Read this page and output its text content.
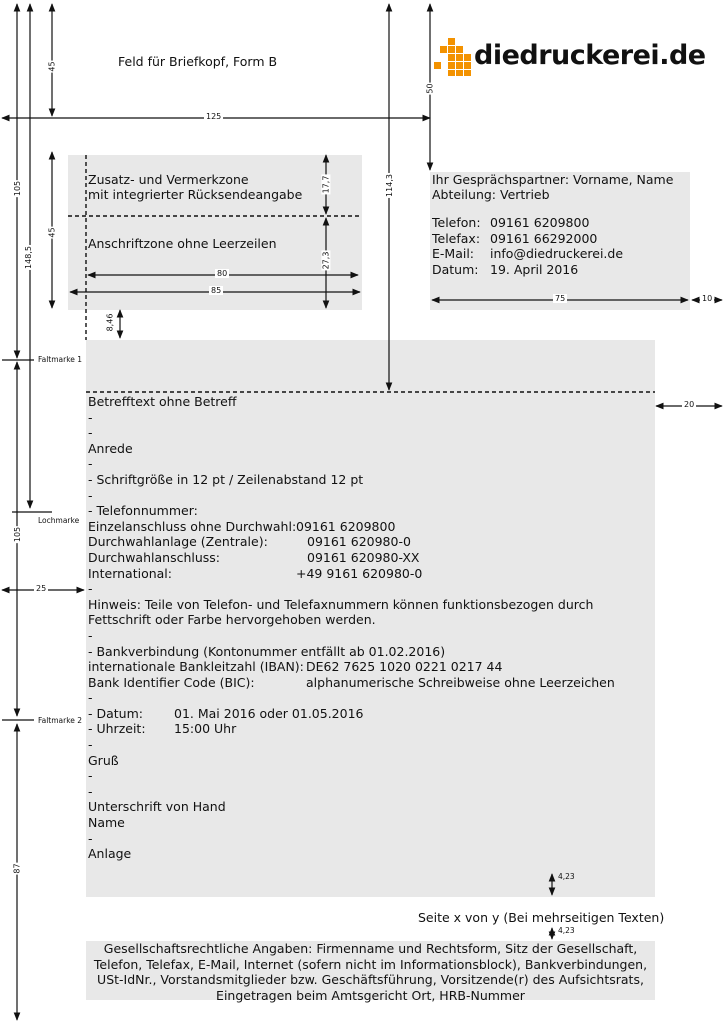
45
50
125
105
148,5
45
17,7
27,3
114,3
80
85
75	10
8,46
20
105
25
87
4,23
4,23
Faltmarke 1
Lochmarke
Faltmarke 2
Feld für Briefkopf, Form B	diedruckerei.de
Zusatz- und Vermerkzone
mit integrierter Rücksendeangabe
Anschriftzone ohne Leerzeilen
Ihr Gesprächspartner: Vorname, Name
Abteilung: Vertrieb
Telefon: 09161 6209800
Telefax: 09161 66292000
E-Mail:	info@diedruckerei.de
Datum: 19. April 2016
Betrefftext ohne Betreff
-
-
Anrede
-
- Schriftgröße in 12 pt / Zeilenabstand 12 pt
-
- Telefonnummer:
Einzelanschluss ohne Durchwahl: 09161 6209800
Durchwahlanlage (Zentrale):	09161 620980-0
Durchwahlanschluss:	09161 620980-XX
International:	+49 9161 620980-0
-
Hinweis: Teile von Telefon- und Telefaxnummern können funktionsbezogen durch
Fettschrift oder Farbe hervorgehoben werden.
-
- Bankverbindung (Kontonummer entfällt ab 01.02.2016)
internationale Bankleitzahl (IBAN): DE62 7625 1020 0221 0217 44
Bank Identifier Code (BIC):	alphanumerische Schreibweise ohne Leerzeichen
-
- Datum:	01. Mai 2016 oder 01.05.2016
- Uhrzeit:	15:00 Uhr
-
Gruß
-
-
Unterschrift von Hand
Name
-
Anlage
Seite x von y (Bei mehrseitigen Texten)
Gesellschaftsrechtliche Angaben: Firmenname und Rechtsform, Sitz der Gesellschaft,
Telefon, Telefax, E-Mail, Internet (sofern nicht im Informationsblock), Bankverbindungen,
USt-IdNr., Vorstandsmitglieder bzw. Geschäftsführung, Vorsitzende(r) des Aufsichtsrats,
Eingetragen beim Amtsgericht Ort, HRB-Nummer
